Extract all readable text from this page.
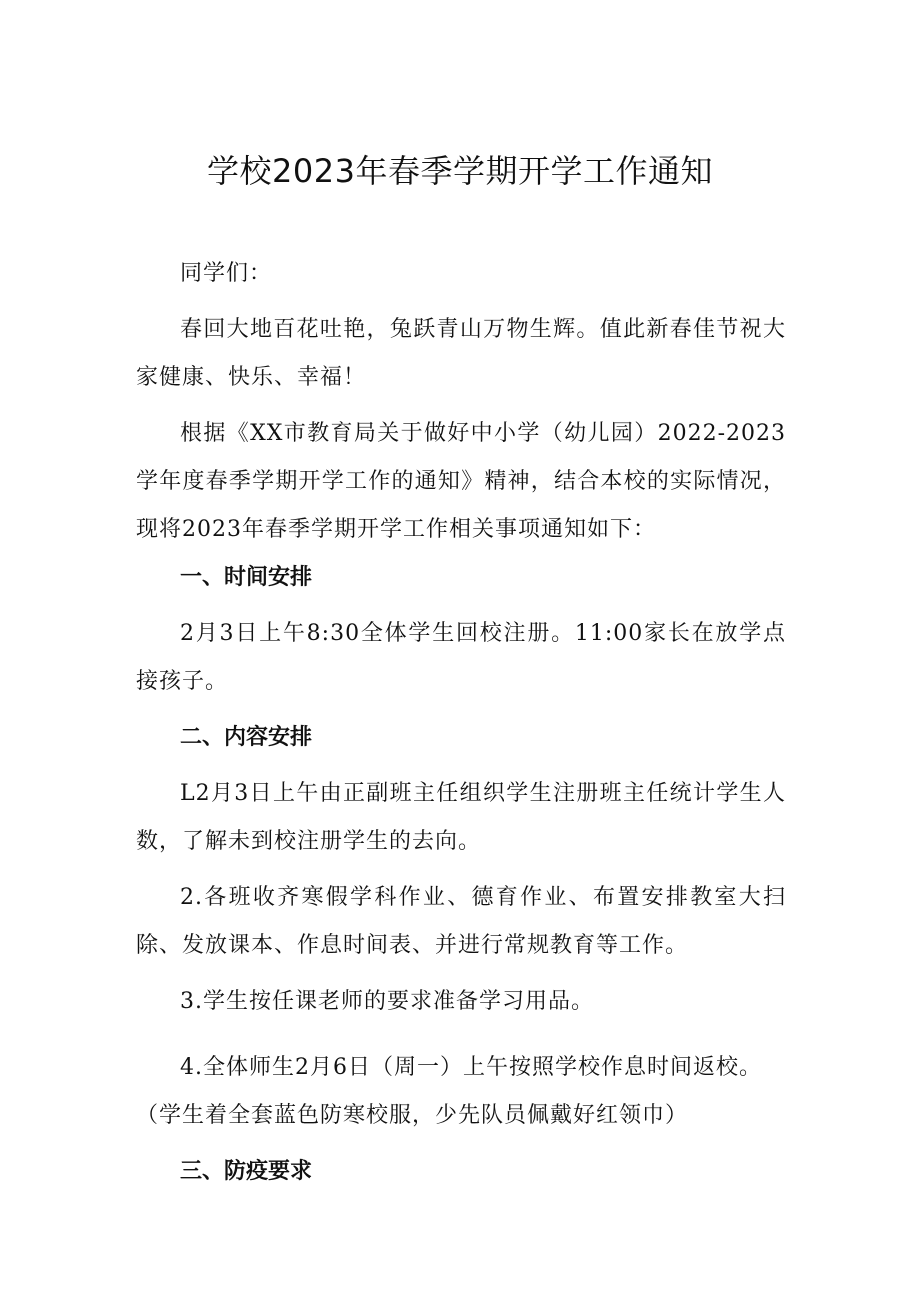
学校2023年春季学期开学工作通知

同学们：

春回大地百花吐艳，兔跃青山万物生辉。值此新春佳节祝大家健康、快乐、幸福！

根据《XX市教育局关于做好中小学（幼儿园）2022-2023学年度春季学期开学工作的通知》精神，结合本校的实际情况，现将2023年春季学期开学工作相关事项通知如下：

一、时间安排

2月3日上午8:30全体学生回校注册。11:00家长在放学点接孩子。

二、内容安排

L2月3日上午由正副班主任组织学生注册班主任统计学生人数，了解未到校注册学生的去向。

2.各班收齐寒假学科作业、德育作业、布置安排教室大扫除、发放课本、作息时间表、并进行常规教育等工作。

3.学生按任课老师的要求准备学习用品。

4.全体师生2月6日（周一）上午按照学校作息时间返校。

（学生着全套蓝色防寒校服，少先队员佩戴好红领巾）

三、防疫要求
